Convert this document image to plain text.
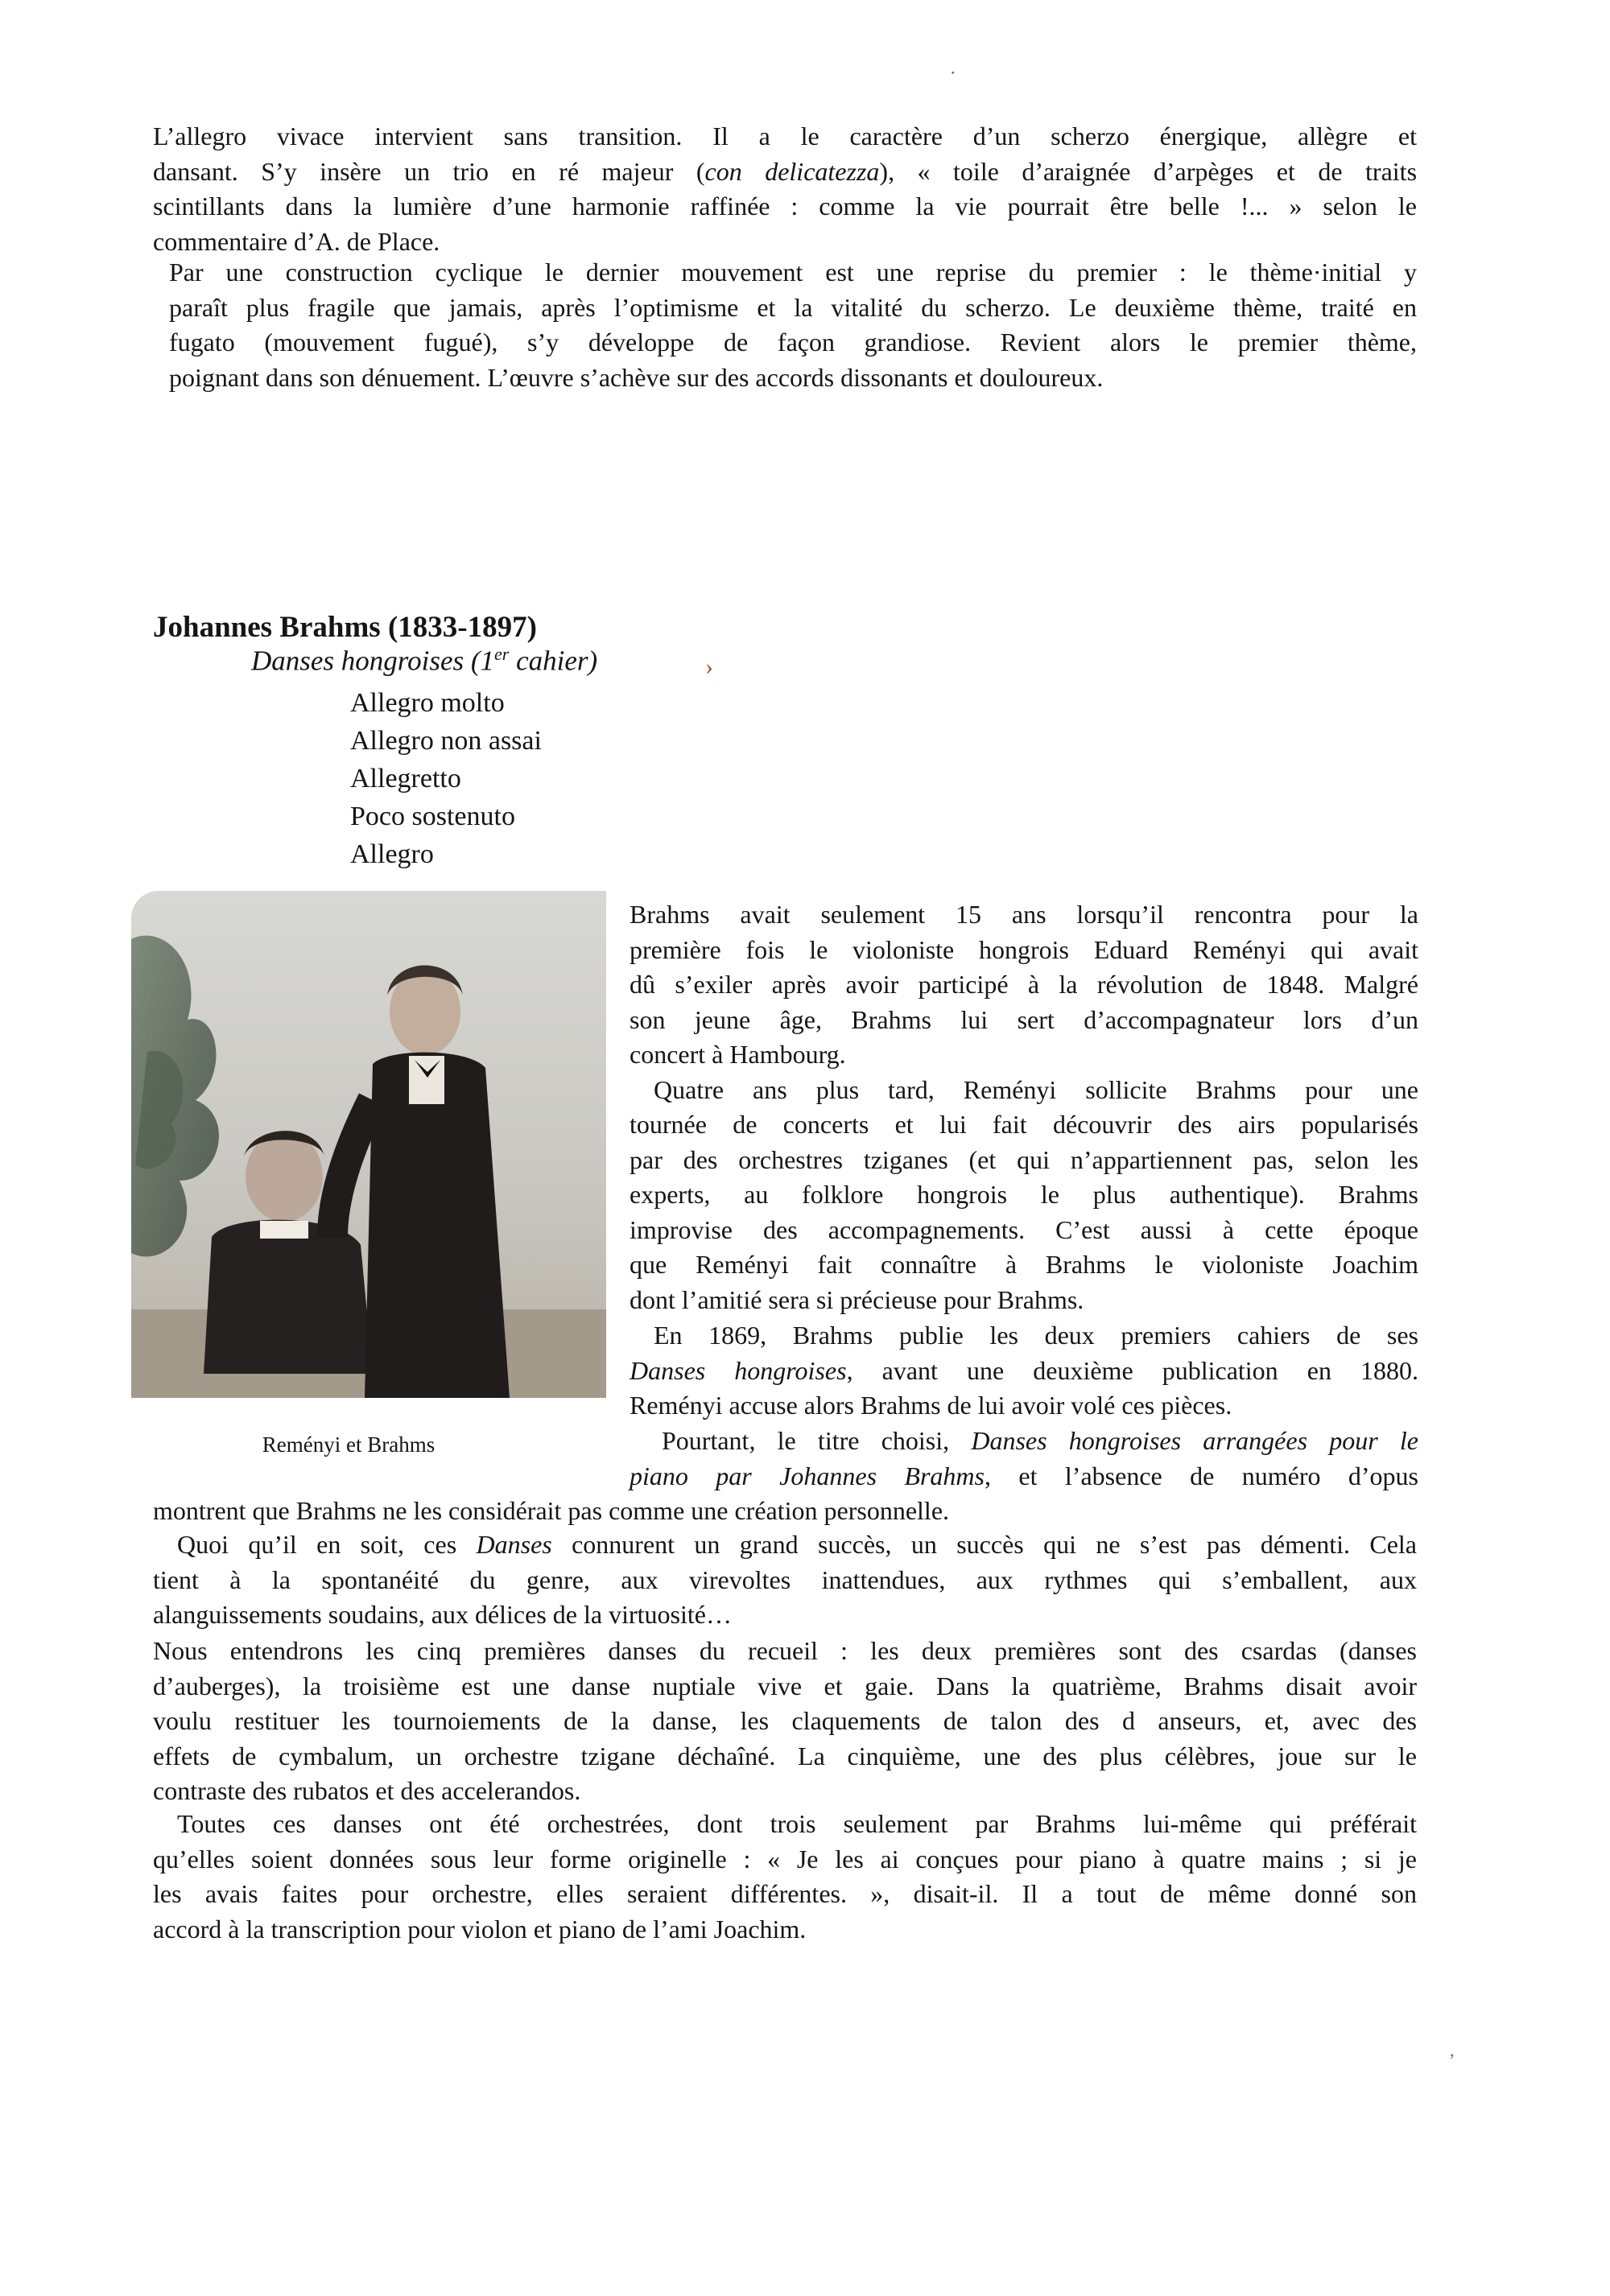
L’allegro vivace intervient sans transition. Il a le caractère d’un scherzo énergique, allègre et
dansant. S’y insère un trio en ré majeur (con delicatezza), « toile d’araignée d’arpèges et de traits
scintillants dans la lumière d’une harmonie raffinée : comme la vie pourrait être belle !... » selon le
commentaire d’A. de Place.

Par une construction cyclique le dernier mouvement est une reprise du premier : le thème·initial y
paraît plus fragile que jamais, après l’optimisme et la vitalité du scherzo. Le deuxième thème, traité en
fugato (mouvement fugué), s’y développe de façon grandiose. Revient alors le premier thème,
poignant dans son dénuement. L’œuvre s’achève sur des accords dissonants et douloureux.

Johannes Brahms (1833-1897)

Danses hongroises (1er cahier)	›
Allegro molto
Allegro non assai
Allegretto
Poco sostenuto
Allegro
Reményi et Brahms

Brahms avait seulement 15 ans lorsqu’il rencontra pour la
première fois le violoniste hongrois Eduard Reményi qui avait
dû s’exiler après avoir participé à la révolution de 1848. Malgré
son jeune âge, Brahms lui sert d’accompagnateur lors d’un
concert à Hambourg.
Quatre ans plus tard, Reményi sollicite Brahms pour une
tournée de concerts et lui fait découvrir des airs popularisés
par des orchestres tziganes (et qui n’appartiennent pas, selon les
experts, au folklore hongrois le plus authentique). Brahms
improvise des accompagnements. C’est aussi à cette époque
que Reményi fait connaître à Brahms le violoniste Joachim
dont l’amitié sera si précieuse pour Brahms.

En 1869, Brahms publie les deux premiers cahiers de ses
Danses hongroises, avant une deuxième publication en 1880.
Reményi accuse alors Brahms de lui avoir volé ces pièces.

Pourtant, le titre choisi, Danses hongroises arrangées pour le
piano par Johannes Brahms, et l’absence de numéro d’opus

montrent que Brahms ne les considérait pas comme une création personnelle.

Quoi qu’il en soit, ces Danses connurent un grand succès, un succès qui ne s’est pas démenti. Cela
tient à la spontanéité du genre, aux virevoltes inattendues, aux rythmes qui s’emballent, aux
alanguissements soudains, aux délices de la virtuosité…

Nous entendrons les cinq premières danses du recueil : les deux premières sont des csardas (danses
d’auberges), la troisième est une danse nuptiale vive et gaie. Dans la quatrième, Brahms disait avoir
voulu restituer les tournoiements de la danse, les claquements de talon des d anseurs, et, avec des
effets de cymbalum, un orchestre tzigane déchaîné. La cinquième, une des plus célèbres, joue sur le
contraste des rubatos et des accelerandos.

Toutes ces danses ont été orchestrées, dont trois seulement par Brahms lui-même qui préférait
qu’elles soient données sous leur forme originelle : « Je les ai conçues pour piano à quatre mains ; si je
les avais faites pour orchestre, elles seraient différentes. », disait-il. Il a tout de même donné son
accord à la transcription pour violon et piano de l’ami Joachim.

⋅
‚
